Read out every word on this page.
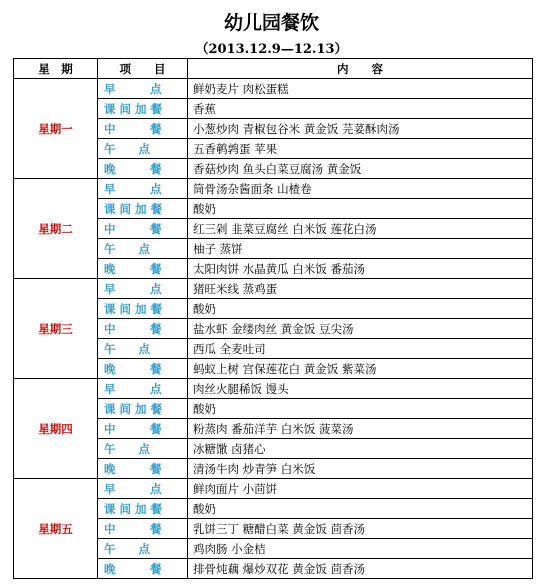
幼儿园餐饮
（2013.12.9—12.13）
星　期	项　　目	内　　容
星期一	早　　　点	鲜奶麦片 肉松蛋糕
	课 间 加 餐	香蕉
	中　　　餐	小葱炒肉 青椒包谷米 黄金饭 芫荽酥肉汤
	午　　点	五香鹌鹑蛋 苹果
	晚　　　餐	香菇炒肉 鱼头白菜豆腐汤 黄金饭
星期二	早　　　点	筒骨汤杂酱面条 山楂卷
	课 间 加 餐	酸奶
	中　　　餐	红三剁 韭菜豆腐丝 白米饭 莲花白汤
	午　　点	柚子 蒸饼
	晚　　　餐	太阳肉饼 水晶黄瓜 白米饭 番茄汤
星期三	早　　　点	猪旺米线 蒸鸡蛋
	课 间 加 餐	酸奶
	中　　　餐	盐水虾 金缕肉丝 黄金饭 豆尖汤
	午　　点	西瓜 全麦吐司
	晚　　　餐	蚂蚁上树 宫保莲花白 黄金饭 紫菜汤
星期四	早　　　点	肉丝火腿稀饭 馒头
	课 间 加 餐	酸奶
	中　　　餐	粉蒸肉 番茄洋芋 白米饭 菠菜汤
	午　　点	冰糖馓 卤猪心
	晚　　　餐	清汤牛肉 炒青笋 白米饭
星期五	早　　　点	鲜肉面片 小茴饼
	课 间 加 餐	酸奶
	中　　　餐	乳饼三丁 糖醋白菜 黄金饭 茴香汤
	午　　点	鸡肉肠 小金桔
	晚　　　餐	排骨炖藕 爆炒双花 黄金饭 茴香汤
